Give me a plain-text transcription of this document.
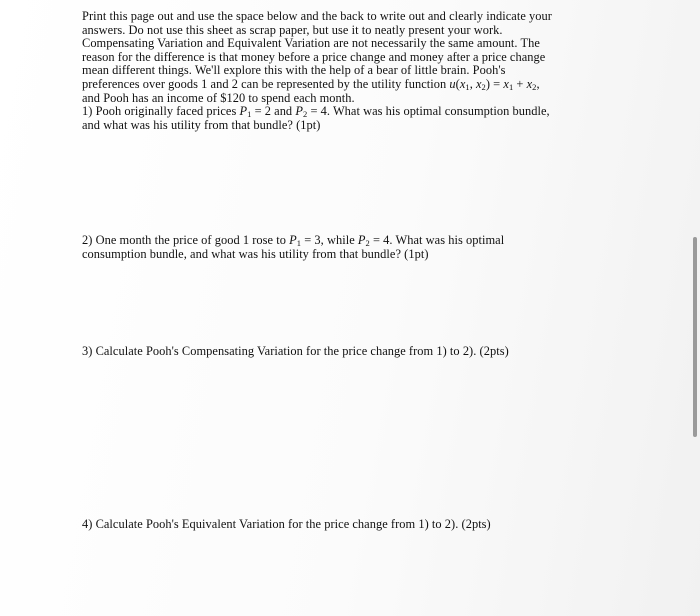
Print this page out and use the space below and the back to write out and clearly indicate your
answers. Do not use this sheet as scrap paper, but use it to neatly present your work.
Compensating Variation and Equivalent Variation are not necessarily the same amount. The
reason for the difference is that money before a price change and money after a price change
mean different things. We'll explore this with the help of a bear of little brain. Pooh's
preferences over goods 1 and 2 can be represented by the utility function $u(x_1$, $x_2) = x_1 + x_2$,
and Pooh has an income of $120 to spend each month.
1) Pooh originally faced prices $P_1 = 2$ and $P_2 = 4$. What was his optimal consumption bundle,
and what was his utility from that bundle? (1pt)
2) One month the price of good 1 rose to $P_1 = 3$, while $P_2 = 4$. What was his optimal
consumption bundle, and what was his utility from that bundle? (1pt)
3) Calculate Pooh's Compensating Variation for the price change from 1) to 2). (2pts)
4) Calculate Pooh's Equivalent Variation for the price change from 1) to 2). (2pts)
